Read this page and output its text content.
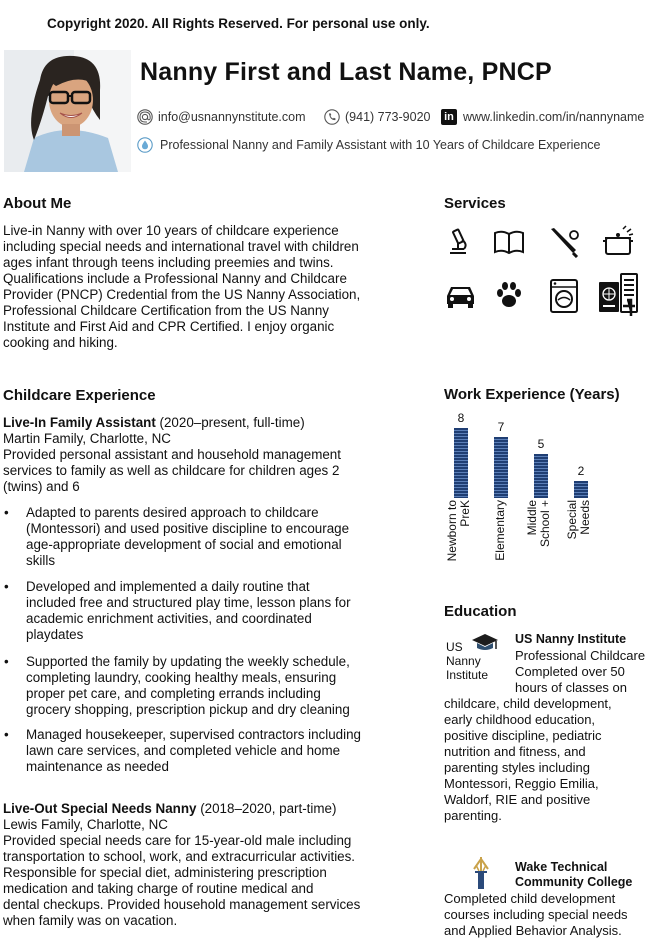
Copyright 2020. All Rights Reserved. For personal use only.
Nanny First and Last Name, PNCP
info@usnannynstitute.com	(941) 773-9020 in www.linkedin.com/in/nannyname
Professional Nanny and Family Assistant with 10 Years of Childcare Experience
About Me
Live-in Nanny with over 10 years of childcare experience
including special needs and international travel with children
ages infant through teens including preemies and twins.
Qualifications include a Professional Nanny and Childcare
Provider (PNCP) Credential from the US Nanny Association,
Professional Childcare Certification from the US Nanny
Institute and First Aid and CPR Certified. I enjoy organic
cooking and hiking.
Services
Childcare Experience
Live-In Family Assistant (2020–present, full-time)
Martin Family, Charlotte, NC
Provided personal assistant and household management
services to family as well as childcare for children ages 2
(twins) and 6
• Adapted to parents desired approach to childcare
(Montessori) and used positive discipline to encourage
age-appropriate development of social and emotional
skills
• Developed and implemented a daily routine that
included free and structured play time, lesson plans for
academic enrichment activities, and coordinated
playdates
• Supported the family by updating the weekly schedule,
completing laundry, cooking healthy meals, ensuring
proper pet care, and completing errands including
grocery shopping, prescription pickup and dry cleaning
• Managed housekeeper, supervised contractors including
lawn care services, and completed vehicle and home
maintenance as needed
Live-Out Special Needs Nanny (2018–2020, part-time)
Lewis Family, Charlotte, NC
Provided special needs care for 15-year-old male including
transportation to school, work, and extracurricular activities.
Responsible for special diet, administering prescription
medication and taking charge of routine medical and
dental checkups. Provided household management services
when family was on vacation.
Work Experience (Years)
8
7
5
2
Newborn to PreK Elementary Middle School + Special Needs
Education
US
Nanny
Institute
US Nanny Institute
Professional Childcare
Completed over 50
hours of classes on
childcare, child development,
early childhood education,
positive discipline, pediatric
nutrition and fitness, and
parenting styles including
Montessori, Reggio Emilia,
Waldorf, RIE and positive
parenting.
Wake Technical
Community College
Completed child development
courses including special needs
and Applied Behavior Analysis.
